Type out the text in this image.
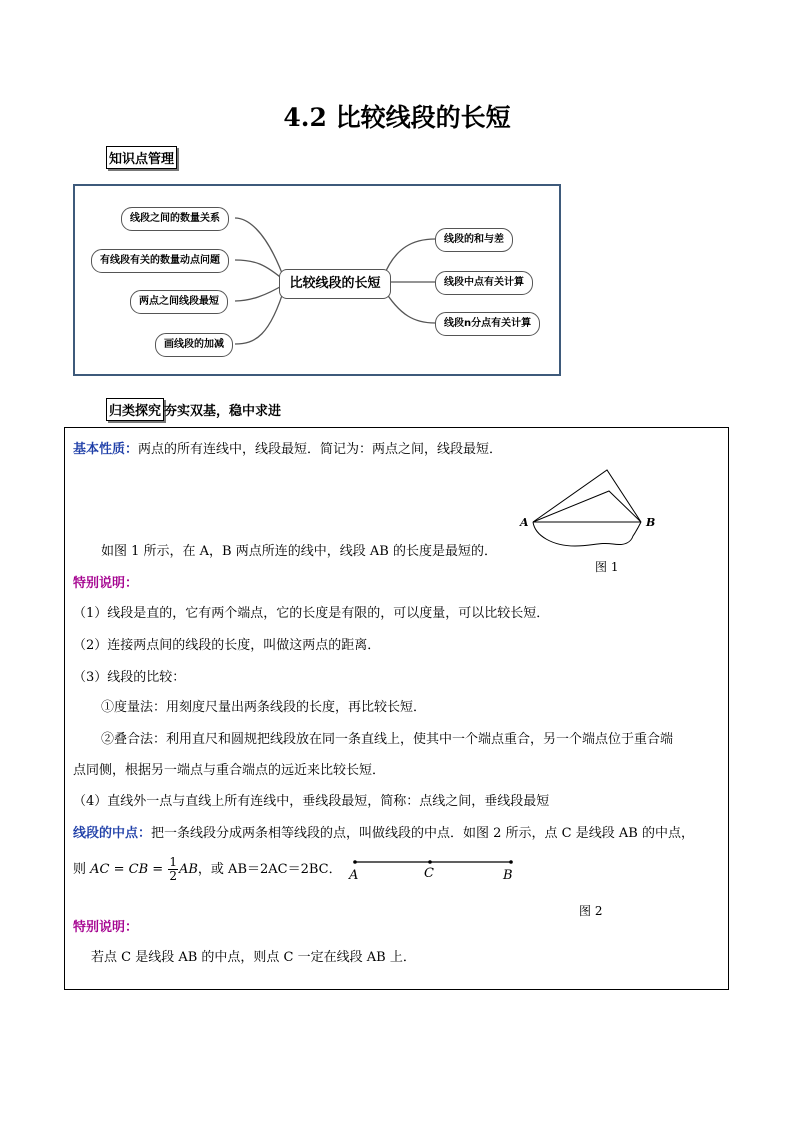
4.2 比较线段的长短
知识点管理
线段之间的数量关系
有线段有关的数量动点问题
两点之间线段最短
画线段的加减
比较线段的长短
线段的和与差
线段中点有关计算
线段n分点有关计算
归类探究 夯实双基，稳中求进
基本性质：两点的所有连线中，线段最短．简记为：两点之间，线段最短．
A	B
如图 1 所示，在 A，B 两点所连的线中，线段 AB 的长度是最短的．
图 1
特别说明：
（1）线段是直的，它有两个端点，它的长度是有限的，可以度量，可以比较长短．
（2）连接两点间的线段的长度，叫做这两点的距离．
（3）线段的比较：
①度量法：用刻度尺量出两条线段的长度，再比较长短．
②叠合法：利用直尺和圆规把线段放在同一条直线上，使其中一个端点重合，另一个端点位于重合端
点同侧，根据另一端点与重合端点的远近来比较长短．
（4）直线外一点与直线上所有连线中，垂线段最短，简称：点线之间，垂线段最短
线段的中点：把一条线段分成两条相等线段的点，叫做线段的中点．如图 2 所示，点 C 是线段 AB 的中点，
则 AC = CB = $\frac{1}{2}$ AB，或 AB＝2AC＝2BC． A	C	B
图 2
特别说明：
若点 C 是线段 AB 的中点，则点 C 一定在线段 AB 上．
